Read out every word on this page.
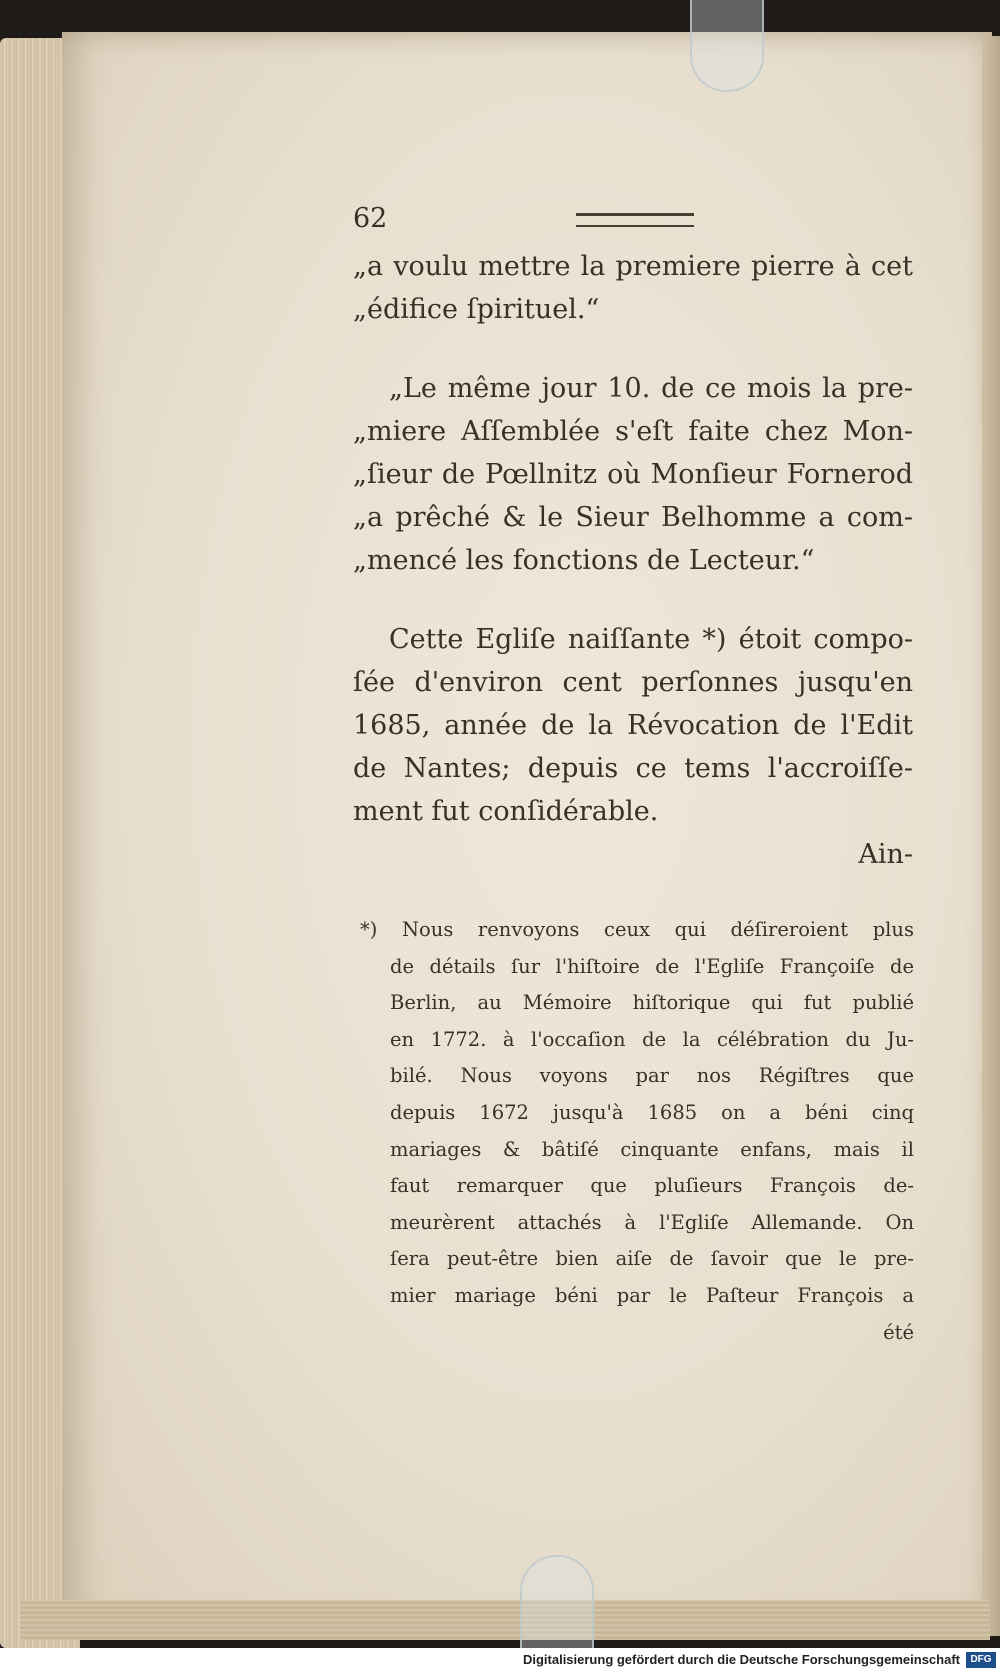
62

„a voulu mettre la premiere pierre à cet
„édifice ſpirituel.“

„Le même jour 10. de ce mois la pre-
„miere Aſſemblée s'eſt faite chez Mon-
„ſieur de Pœllnitz où Monſieur Fornerod
„a prêché & le Sieur Belhomme a com-
„mencé les fonctions de Lecteur.“

Cette Egliſe naiſſante *) étoit compo-
ſée d'environ cent perſonnes jusqu'en
1685, année de la Révocation de l'Edit
de Nantes; depuis ce tems l'accroiſſe-
ment fut conſidérable.

Ain-
*) Nous renvoyons ceux qui déſireroient plus
de détails ſur l'hiſtoire de l'Egliſe Françoiſe de
Berlin, au Mémoire hiſtorique qui fut publié
en 1772. à l'occaſion de la célébration du Ju-
bilé. Nous voyons par nos Régiſtres que
depuis 1672 jusqu'à 1685 on a béni cinq
mariages & bâtiſé cinquante enfans, mais il
faut remarquer que pluſieurs François de-
meurèrent attachés à l'Egliſe Allemande. On
ſera peut-être bien aiſe de ſavoir que le pre-
mier mariage béni par le Paſteur François a
été
Digitalisierung gefördert durch die Deutsche Forschungsgemeinschaft	DFG
